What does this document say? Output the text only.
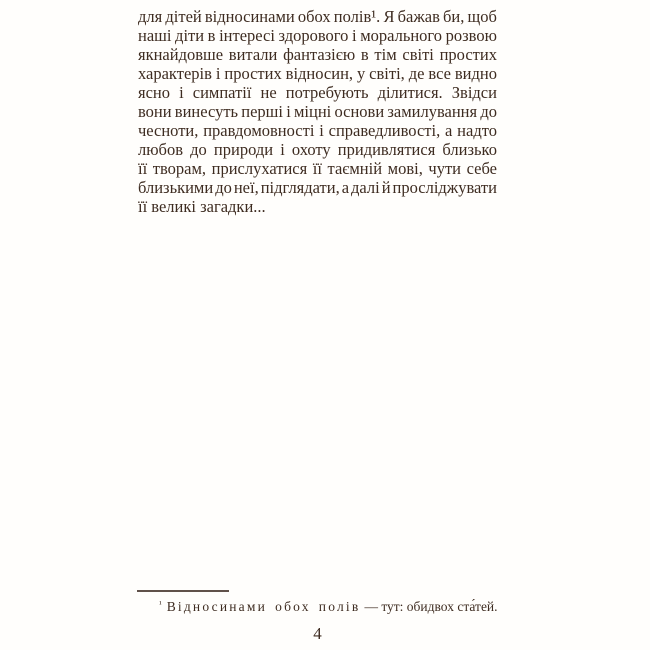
для дітей відносинами обох полів¹. Я бажав би, щоб

наші діти в інтересі здорового і морального розвою

якнайдовше витали фантазією в тім світі простих

характерів і простих відносин, у світі, де все видно

ясно і симпатії не потребують ділитися. Звідси

вони винесуть перші і міцні основи замилування до

чесноти, правдомовності і справедливості, а надто

любов до природи і охоту придивлятися близько

її творам, прислухатися її таємній мові, чути себе

близькими до неї, підглядати, а далі й просліджувати

її великі загадки...

$^{^1}$ Відносинами обох полів — тут: обидвох ста́тей.

4
